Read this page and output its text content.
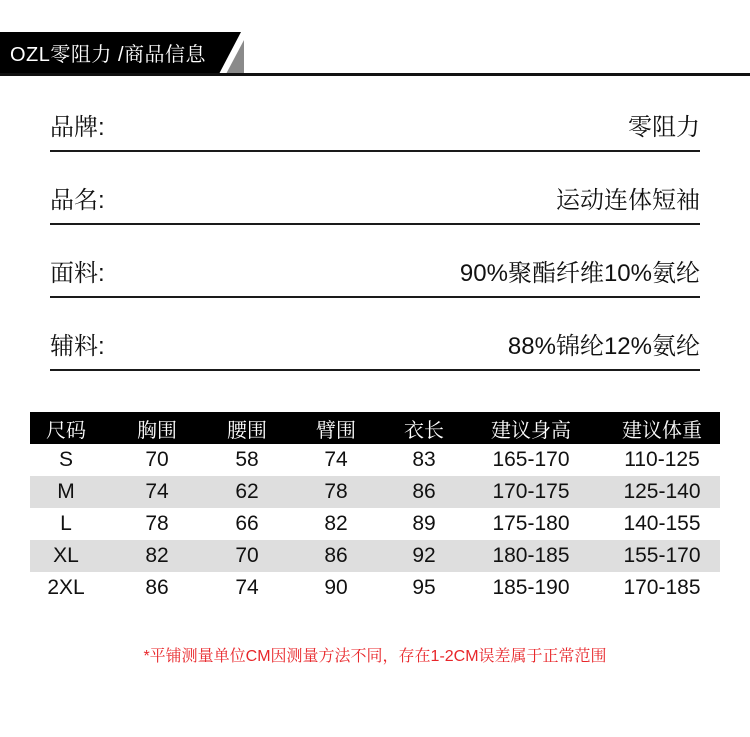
OZL零阻力 /商品信息
品牌:	零阻力
品名:	运动连体短袖
面料:	90%聚酯纤维10%氨纶
辅料:	88%锦纶12%氨纶
尺码	胸围	腰围	臂围	衣长	建议身高	建议体重
S	70	58	74	83	165-170	110-125
M	74	62	78	86	170-175	125-140
L	78	66	82	89	175-180	140-155
XL	82	70	86	92	180-185	155-170
2XL	86	74	90	95	185-190	170-185
*平铺测量单位CM因测量方法不同，存在1-2CM误差属于正常范围
